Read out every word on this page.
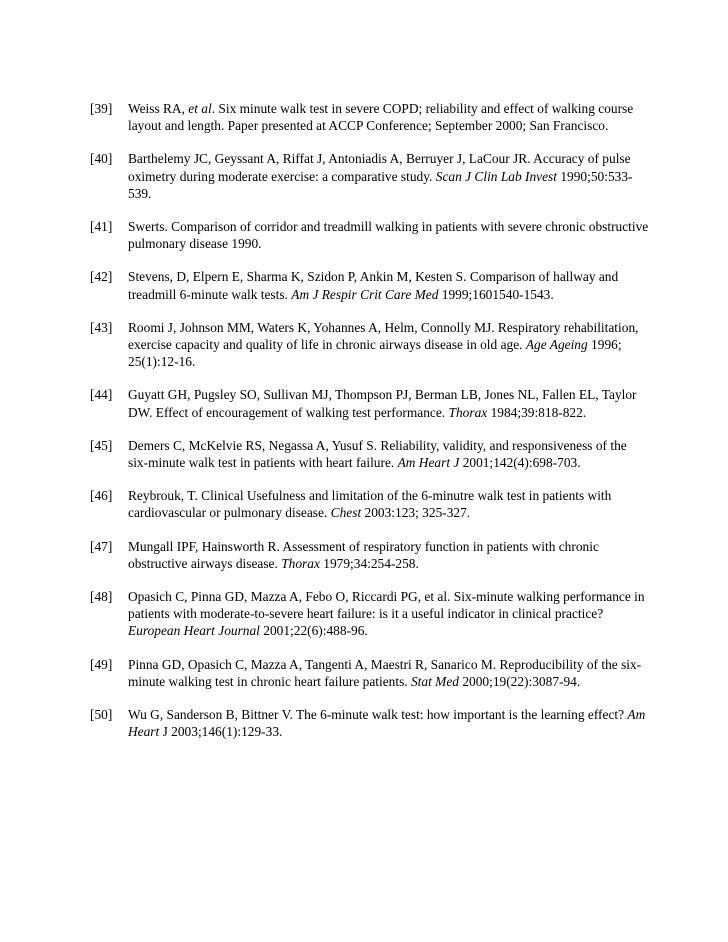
[39]	Weiss RA, et al. Six minute walk test in severe COPD; reliability and effect of walking course layout and length. Paper presented at ACCP Conference; September 2000; San Francisco.
[40]	Barthelemy JC, Geyssant A, Riffat J, Antoniadis A, Berruyer J, LaCour JR. Accuracy of pulse oximetry during moderate exercise: a comparative study. Scan J Clin Lab Invest 1990;50:533-539.
[41]	Swerts. Comparison of corridor and treadmill walking in patients with severe chronic obstructive pulmonary disease 1990.
[42]	Stevens, D, Elpern E, Sharma K, Szidon P, Ankin M, Kesten S. Comparison of hallway and treadmill 6-minute walk tests. Am J Respir Crit Care Med 1999;1601540-1543.
[43]	Roomi J, Johnson MM, Waters K, Yohannes A, Helm, Connolly MJ. Respiratory rehabilitation, exercise capacity and quality of life in chronic airways disease in old age. Age Ageing 1996; 25(1):12-16.
[44]	Guyatt GH, Pugsley SO, Sullivan MJ, Thompson PJ, Berman LB, Jones NL, Fallen EL, Taylor DW. Effect of encouragement of walking test performance. Thorax 1984;39:818-822.
[45]	Demers C, McKelvie RS, Negassa A, Yusuf S. Reliability, validity, and responsiveness of the six-minute walk test in patients with heart failure. Am Heart J 2001;142(4):698-703.
[46]	Reybrouk, T. Clinical Usefulness and limitation of the 6-minutre walk test in patients with cardiovascular or pulmonary disease. Chest 2003:123; 325-327.
[47]	Mungall IPF, Hainsworth R. Assessment of respiratory function in patients with chronic obstructive airways disease. Thorax 1979;34:254-258.
[48]	Opasich C, Pinna GD, Mazza A, Febo O, Riccardi PG, et al. Six-minute walking performance in patients with moderate-to-severe heart failure: is it a useful indicator in clinical practice? European Heart Journal 2001;22(6):488-96.
[49]	Pinna GD, Opasich C, Mazza A, Tangenti A, Maestri R, Sanarico M. Reproducibility of the six-minute walking test in chronic heart failure patients. Stat Med 2000;19(22):3087-94.
[50]	Wu G, Sanderson B, Bittner V. The 6-minute walk test: how important is the learning effect? Am Heart J 2003;146(1):129-33.
